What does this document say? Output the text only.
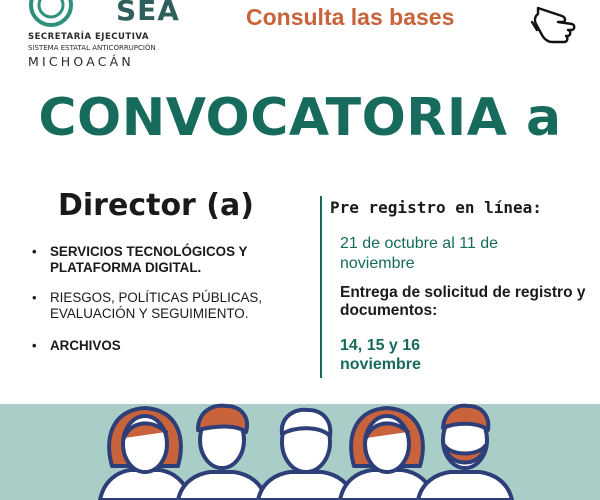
SEA
SECRETARÍA EJECUTIVA
SISTEMA ESTATAL ANTICORRUPCIÓN
MICHOACÁN
Consulta las bases
CONVOCATORIA a
Director (a)
• SERVICIOS TECNOLÓGICOS Y PLATAFORMA DIGITAL.
• RIESGOS, POLÍTICAS PÚBLICAS, EVALUACIÓN Y SEGUIMIENTO.
• ARCHIVOS
Pre registro en línea:
21 de octubre al 11 de noviembre
Entrega de solicitud de registro y documentos:
14, 15 y 16 noviembre
